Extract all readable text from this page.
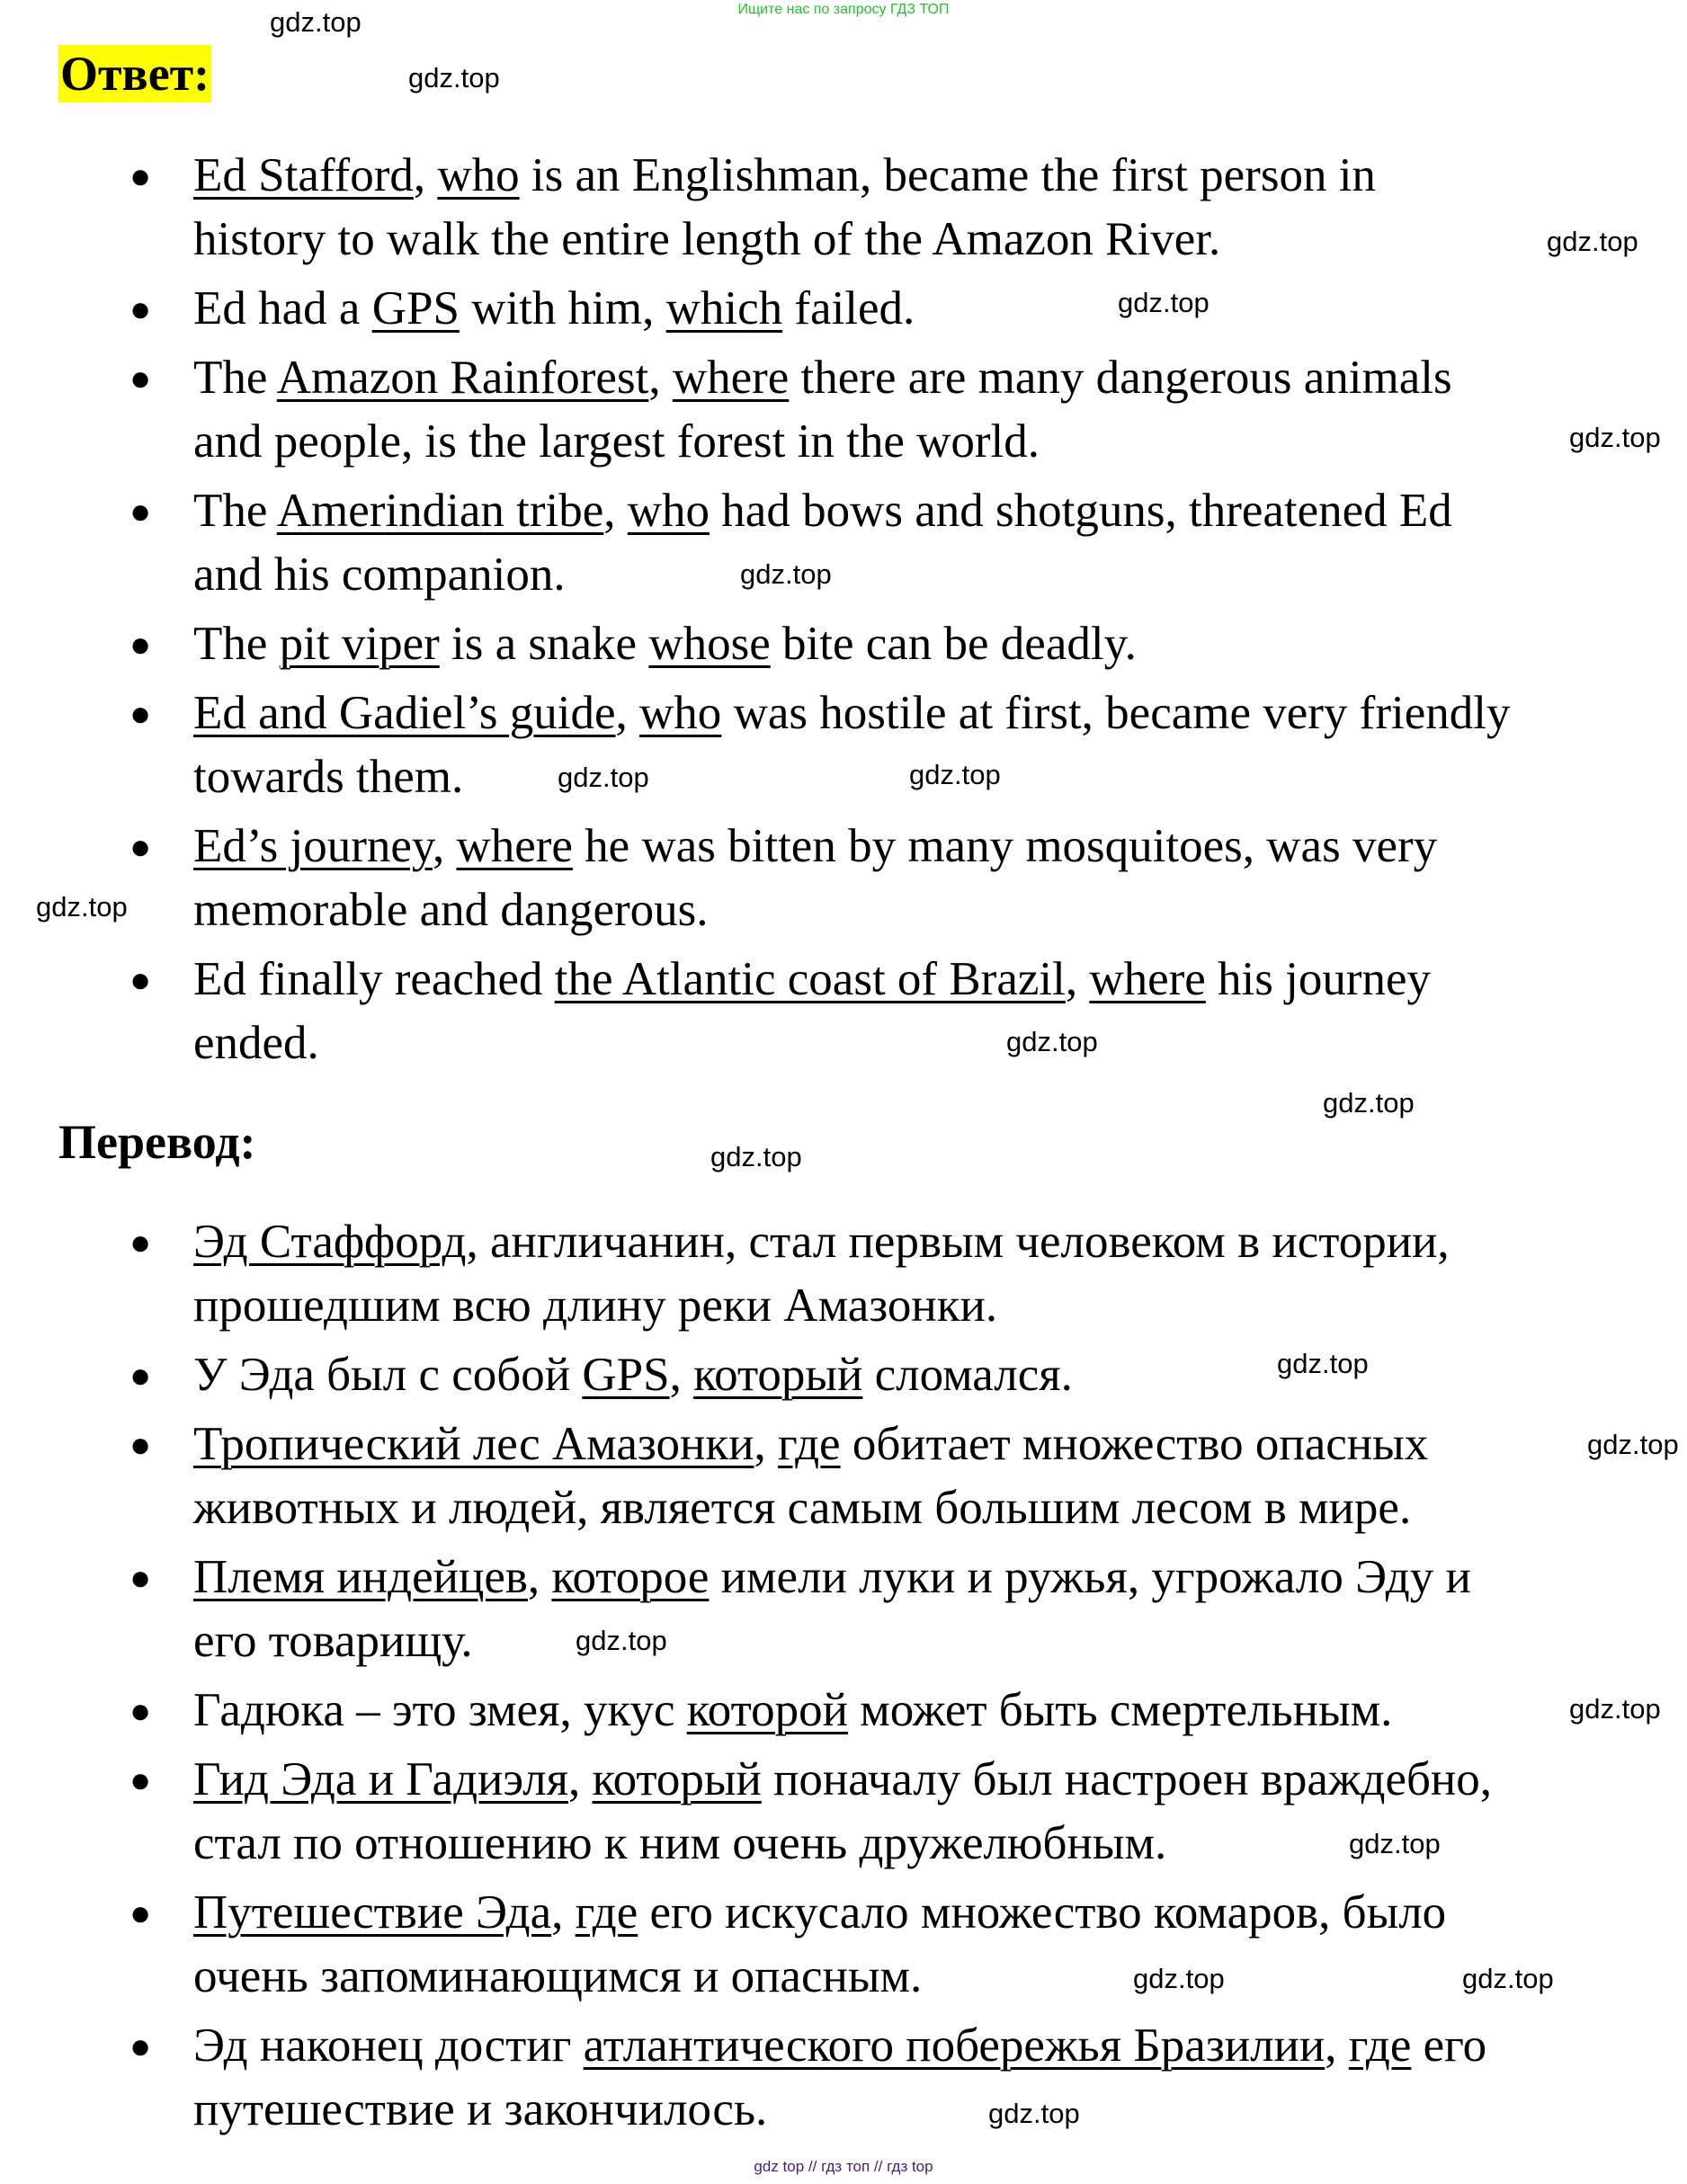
Ищите нас по запросу ГДЗ ТОП
Ответ:
● Ed Stafford, who is an Englishman, became the first person in
history to walk the entire length of the Amazon River.
● Ed had a GPS with him, which failed.
● The Amazon Rainforest, where there are many dangerous animals
and people, is the largest forest in the world.
● The Amerindian tribe, who had bows and shotguns, threatened Ed
and his companion.
● The pit viper is a snake whose bite can be deadly.
● Ed and Gadiel’s guide, who was hostile at first, became very friendly
towards them.
● Ed’s journey, where he was bitten by many mosquitoes, was very
memorable and dangerous.
● Ed finally reached the Atlantic coast of Brazil, where his journey
ended.
Перевод:
● Эд Стаффорд, англичанин, стал первым человеком в истории,
прошедшим всю длину реки Амазонки.
● У Эда был с собой GPS, который сломался.
● Тропический лес Амазонки, где обитает множество опасных
животных и людей, является самым большим лесом в мире.
● Племя индейцев, которое имели луки и ружья, угрожало Эду и
его товарищу.
● Гадюка – это змея, укус которой может быть смертельным.
● Гид Эда и Гадиэля, который поначалу был настроен враждебно,
стал по отношению к ним очень дружелюбным.
● Путешествие Эда, где его искусало множество комаров, было
очень запоминающимся и опасным.
● Эд наконец достиг атлантического побережья Бразилии, где его
путешествие и закончилось.
gdz.top
gdz.top
gdz.top
gdz.top
gdz.top
gdz.top
gdz.top
gdz.top
gdz.top
gdz.top
gdz.top
gdz.top
gdz.top
gdz.top
gdz.top
gdz.top
gdz.top
gdz.top
gdz.top
gdz.top
gdz top // гдз топ // гдз top
